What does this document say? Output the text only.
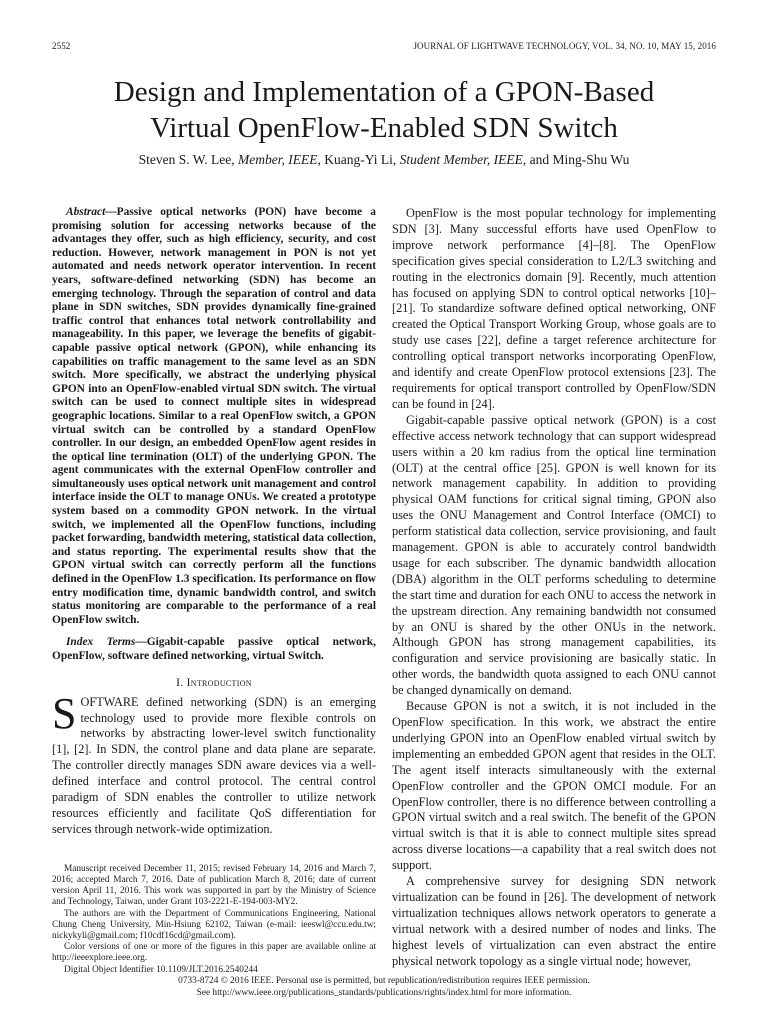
2552	JOURNAL OF LIGHTWAVE TECHNOLOGY, VOL. 34, NO. 10, MAY 15, 2016
Design and Implementation of a GPON-Based
Virtual OpenFlow-Enabled SDN Switch
Steven S. W. Lee, Member, IEEE, Kuang-Yi Li, Student Member, IEEE, and Ming-Shu Wu

Abstract—Passive optical networks (PON) have become a promising solution for accessing networks because of the advantages they offer, such as high efficiency, security, and cost reduction. However, network management in PON is not yet automated and needs network operator intervention. In recent years, software-defined networking (SDN) has become an emerging technology. Through the separation of control and data plane in SDN switches, SDN provides dynamically fine-grained traffic control that enhances total network controllability and manageability. In this paper, we leverage the benefits of gigabit-capable passive optical network (GPON), while enhancing its capabilities on traffic management to the same level as an SDN switch. More specifically, we abstract the underlying physical GPON into an OpenFlow-enabled virtual SDN switch. The virtual switch can be used to connect multiple sites in widespread geographic locations. Similar to a real OpenFlow switch, a GPON virtual switch can be controlled by a standard OpenFlow controller. In our design, an embedded OpenFlow agent resides in the optical line termination (OLT) of the underlying GPON. The agent communicates with the external OpenFlow controller and simultaneously uses optical network unit management and control interface inside the OLT to manage ONUs. We created a prototype system based on a commodity GPON network. In the virtual switch, we implemented all the OpenFlow functions, including packet forwarding, bandwidth metering, statistical data collection, and status reporting. The experimental results show that the GPON virtual switch can correctly perform all the functions defined in the OpenFlow 1.3 specification. Its performance on flow entry modification time, dynamic bandwidth control, and switch status monitoring are comparable to the performance of a real OpenFlow switch.

Index Terms—Gigabit-capable passive optical network, OpenFlow, software defined networking, virtual Switch.

I. Introduction

SOFTWARE defined networking (SDN) is an emerging technology used to provide more flexible controls on networks by abstracting lower-level switch functionality [1], [2]. In SDN, the control plane and data plane are separate. The controller directly manages SDN aware devices via a well-defined interface and control protocol. The central control paradigm of SDN enables the controller to utilize network resources efficiently and facilitate QoS differentiation for services through network-wide optimization.

Manuscript received December 11, 2015; revised February 14, 2016 and March 7, 2016; accepted March 7, 2016. Date of publication March 8, 2016; date of current version April 11, 2016. This work was supported in part by the Ministry of Science and Technology, Taiwan, under Grant 103-2221-E-194-003-MY2.

The authors are with the Department of Communications Engineering, National Chung Cheng University, Min-Hsiung 62102, Taiwan (e-mail: ieeswl@ccu.edu.tw; nickykyli@gmail.com; f10cdf16cd@gmail.com).

Color versions of one or more of the figures in this paper are available online at http://ieeexplore.ieee.org.

Digital Object Identifier 10.1109/JLT.2016.2540244

OpenFlow is the most popular technology for implementing SDN [3]. Many successful efforts have used OpenFlow to improve network performance [4]–[8]. The OpenFlow specification gives special consideration to L2/L3 switching and routing in the electronics domain [9]. Recently, much attention has focused on applying SDN to control optical networks [10]–[21]. To standardize software defined optical networking, ONF created the Optical Transport Working Group, whose goals are to study use cases [22], define a target reference architecture for controlling optical transport networks incorporating OpenFlow, and identify and create OpenFlow protocol extensions [23]. The requirements for optical transport controlled by OpenFlow/SDN can be found in [24].

Gigabit-capable passive optical network (GPON) is a cost effective access network technology that can support widespread users within a 20 km radius from the optical line termination (OLT) at the central office [25]. GPON is well known for its network management capability. In addition to providing physical OAM functions for critical signal timing, GPON also uses the ONU Management and Control Interface (OMCI) to perform statistical data collection, service provisioning, and fault management. GPON is able to accurately control bandwidth usage for each subscriber. The dynamic bandwidth allocation (DBA) algorithm in the OLT performs scheduling to determine the start time and duration for each ONU to access the network in the upstream direction. Any remaining bandwidth not consumed by an ONU is shared by the other ONUs in the network. Although GPON has strong management capabilities, its configuration and service provisioning are basically static. In other words, the bandwidth quota assigned to each ONU cannot be changed dynamically on demand.

Because GPON is not a switch, it is not included in the OpenFlow specification. In this work, we abstract the entire underlying GPON into an OpenFlow enabled virtual switch by implementing an embedded GPON agent that resides in the OLT. The agent itself interacts simultaneously with the external OpenFlow controller and the GPON OMCI module. For an OpenFlow controller, there is no difference between controlling a GPON virtual switch and a real switch. The benefit of the GPON virtual switch is that it is able to connect multiple sites spread across diverse locations—a capability that a real switch does not support.

A comprehensive survey for designing SDN network virtualization can be found in [26]. The development of network virtualization techniques allows network operators to generate a virtual network with a desired number of nodes and links. The highest levels of virtualization can even abstract the entire physical network topology as a single virtual node; however,

0733-8724 © 2016 IEEE. Personal use is permitted, but republication/redistribution requires IEEE permission.
See http://www.ieee.org/publications_standards/publications/rights/index.html for more information.
